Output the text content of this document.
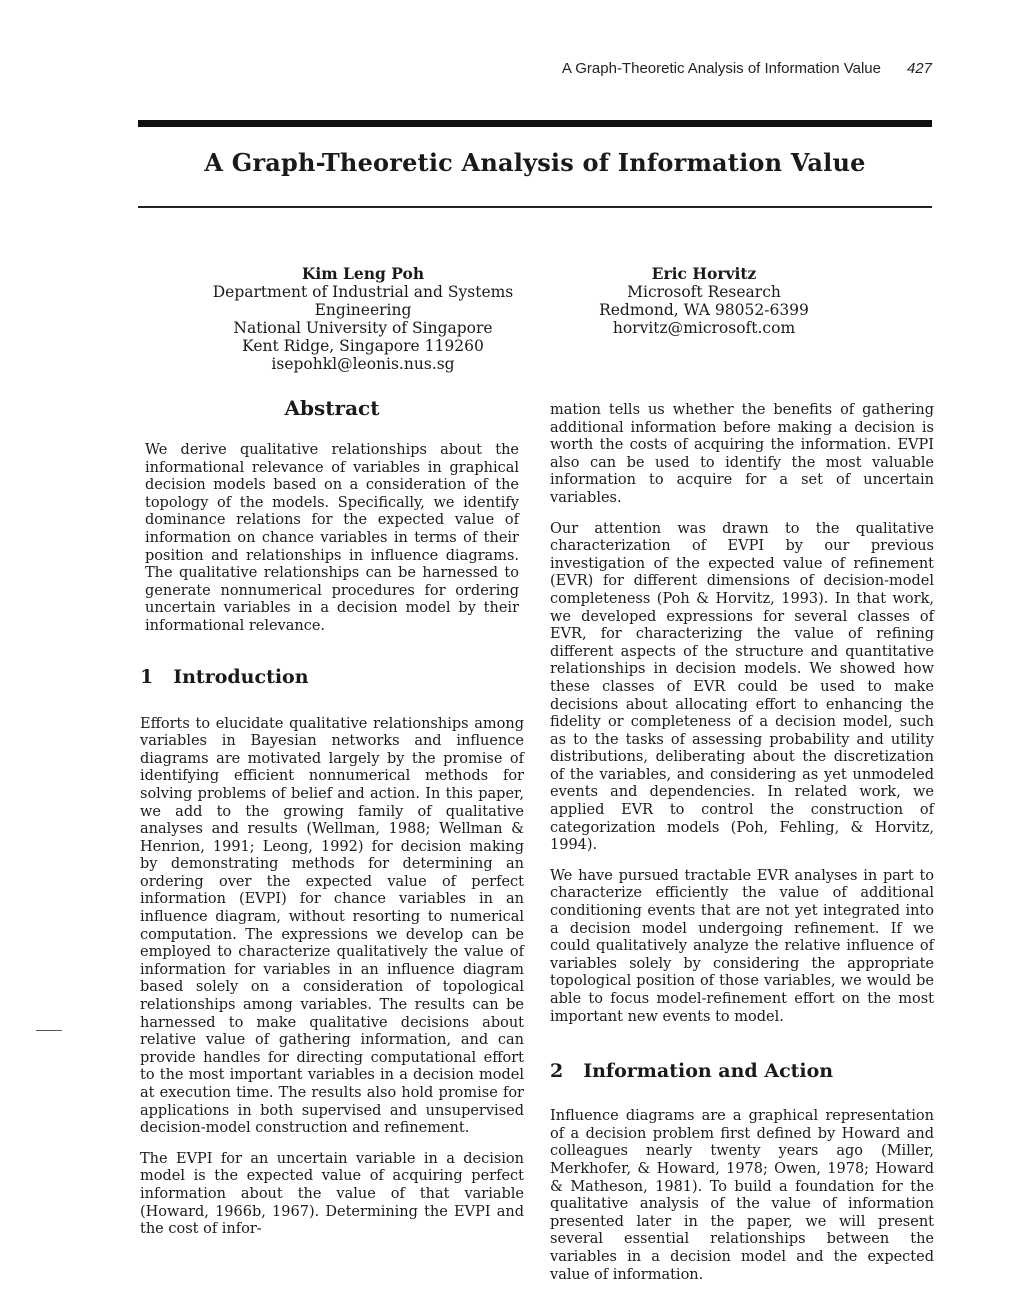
A Graph-Theoretic Analysis of Information Value 427
A Graph-Theoretic Analysis of Information Value
Kim Leng Poh
Department of Industrial and Systems Engineering
National University of Singapore
Kent Ridge, Singapore 119260
isepohkl@leonis.nus.sg
Eric Horvitz
Microsoft Research
Redmond, WA 98052-6399
horvitz@microsoft.com
Abstract

We derive qualitative relationships about the informational relevance of variables in graphical decision models based on a consideration of the topology of the models. Specifically, we identify dominance relations for the expected value of information on chance variables in terms of their position and relationships in influence diagrams. The qualitative relationships can be harnessed to generate nonnumerical procedures for ordering uncertain variables in a decision model by their informational relevance.

1 Introduction

Efforts to elucidate qualitative relationships among variables in Bayesian networks and influence diagrams are motivated largely by the promise of identifying efficient nonnumerical methods for solving problems of belief and action. In this paper, we add to the growing family of qualitative analyses and results (Wellman, 1988; Wellman & Henrion, 1991; Leong, 1992) for decision making by demonstrating methods for determining an ordering over the expected value of perfect information (EVPI) for chance variables in an influence diagram, without resorting to numerical computation. The expressions we develop can be employed to characterize qualitatively the value of information for variables in an influence diagram based solely on a consideration of topological relationships among variables. The results can be harnessed to make qualitative decisions about relative value of gathering information, and can provide handles for directing computational effort to the most important variables in a decision model at execution time. The results also hold promise for applications in both supervised and unsupervised decision-model construction and refinement.

The EVPI for an uncertain variable in a decision model is the expected value of acquiring perfect information about the value of that variable (Howard, 1966b, 1967). Determining the EVPI and the cost of infor-

mation tells us whether the benefits of gathering additional information before making a decision is worth the costs of acquiring the information. EVPI also can be used to identify the most valuable information to acquire for a set of uncertain variables.

Our attention was drawn to the qualitative characterization of EVPI by our previous investigation of the expected value of refinement (EVR) for different dimensions of decision-model completeness (Poh & Horvitz, 1993). In that work, we developed expressions for several classes of EVR, for characterizing the value of refining different aspects of the structure and quantitative relationships in decision models. We showed how these classes of EVR could be used to make decisions about allocating effort to enhancing the fidelity or completeness of a decision model, such as to the tasks of assessing probability and utility distributions, deliberating about the discretization of the variables, and considering as yet unmodeled events and dependencies. In related work, we applied EVR to control the construction of categorization models (Poh, Fehling, & Horvitz, 1994).

We have pursued tractable EVR analyses in part to characterize efficiently the value of additional conditioning events that are not yet integrated into a decision model undergoing refinement. If we could qualitatively analyze the relative influence of variables solely by considering the appropriate topological position of those variables, we would be able to focus model-refinement effort on the most important new events to model.

2 Information and Action

Influence diagrams are a graphical representation of a decision problem first defined by Howard and colleagues nearly twenty years ago (Miller, Merkhofer, & Howard, 1978; Owen, 1978; Howard & Matheson, 1981). To build a foundation for the qualitative analysis of the value of information presented later in the paper, we will present several essential relationships between the variables in a decision model and the expected value of information.
